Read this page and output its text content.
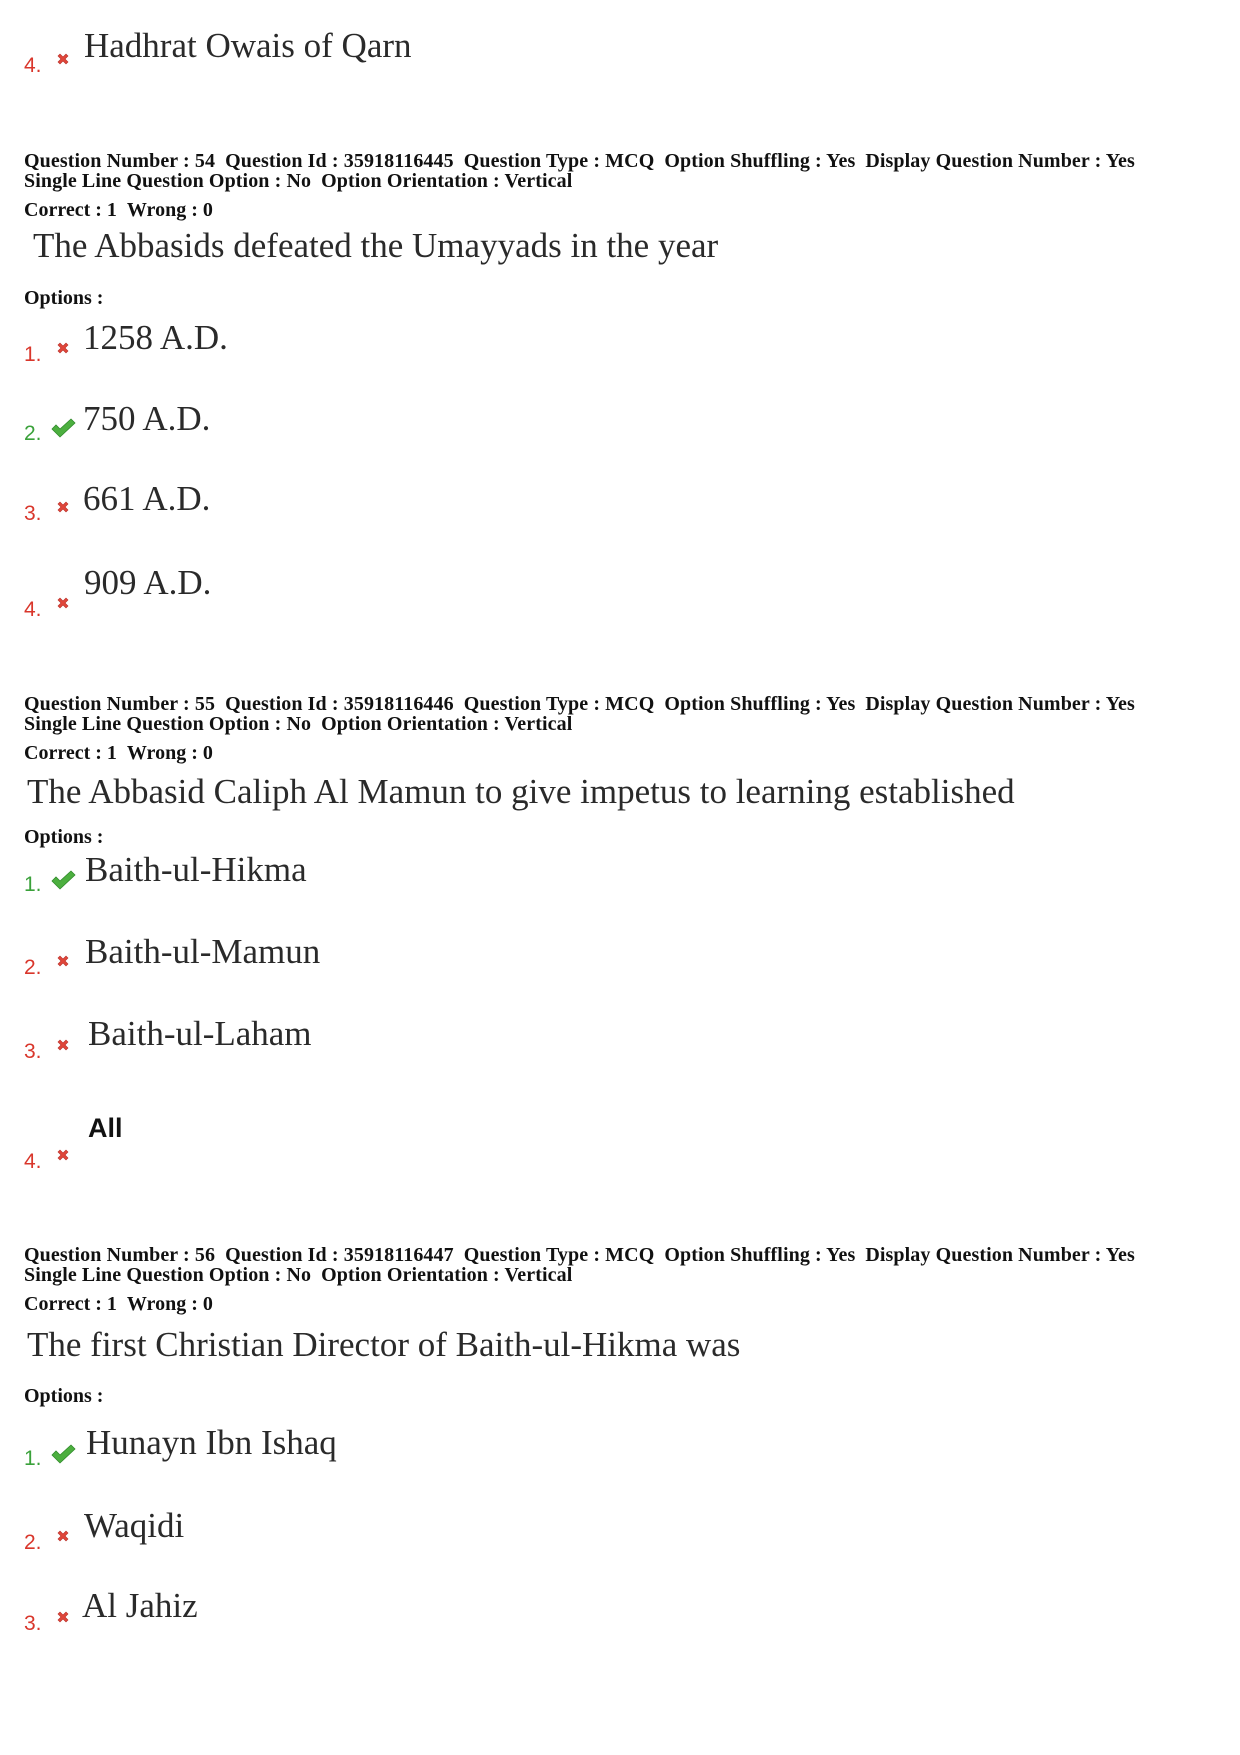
4.
Hadhrat Owais of Qarn
Question Number : 54 Question Id : 35918116445 Question Type : MCQ Option Shuffling : Yes Display Question Number : Yes
Single Line Question Option : No Option Orientation : Vertical
Correct : 1 Wrong : 0
The Abbasids defeated the Umayyads in the year
Options :
1. 1258 A.D.
2. 750 A.D.
3. 661 A.D.
4.
909 A.D.
Question Number : 55 Question Id : 35918116446 Question Type : MCQ Option Shuffling : Yes Display Question Number : Yes
Single Line Question Option : No Option Orientation : Vertical
Correct : 1 Wrong : 0
The Abbasid Caliph Al Mamun to give impetus to learning established
Options :
1. Baith-ul-Hikma
2. Baith-ul-Mamun
3. Baith-ul-Laham
4.
All
Question Number : 56 Question Id : 35918116447 Question Type : MCQ Option Shuffling : Yes Display Question Number : Yes
Single Line Question Option : No Option Orientation : Vertical
Correct : 1 Wrong : 0
The first Christian Director of Baith-ul-Hikma was
Options :
1. Hunayn Ibn Ishaq
2. Waqidi
3. Al Jahiz
